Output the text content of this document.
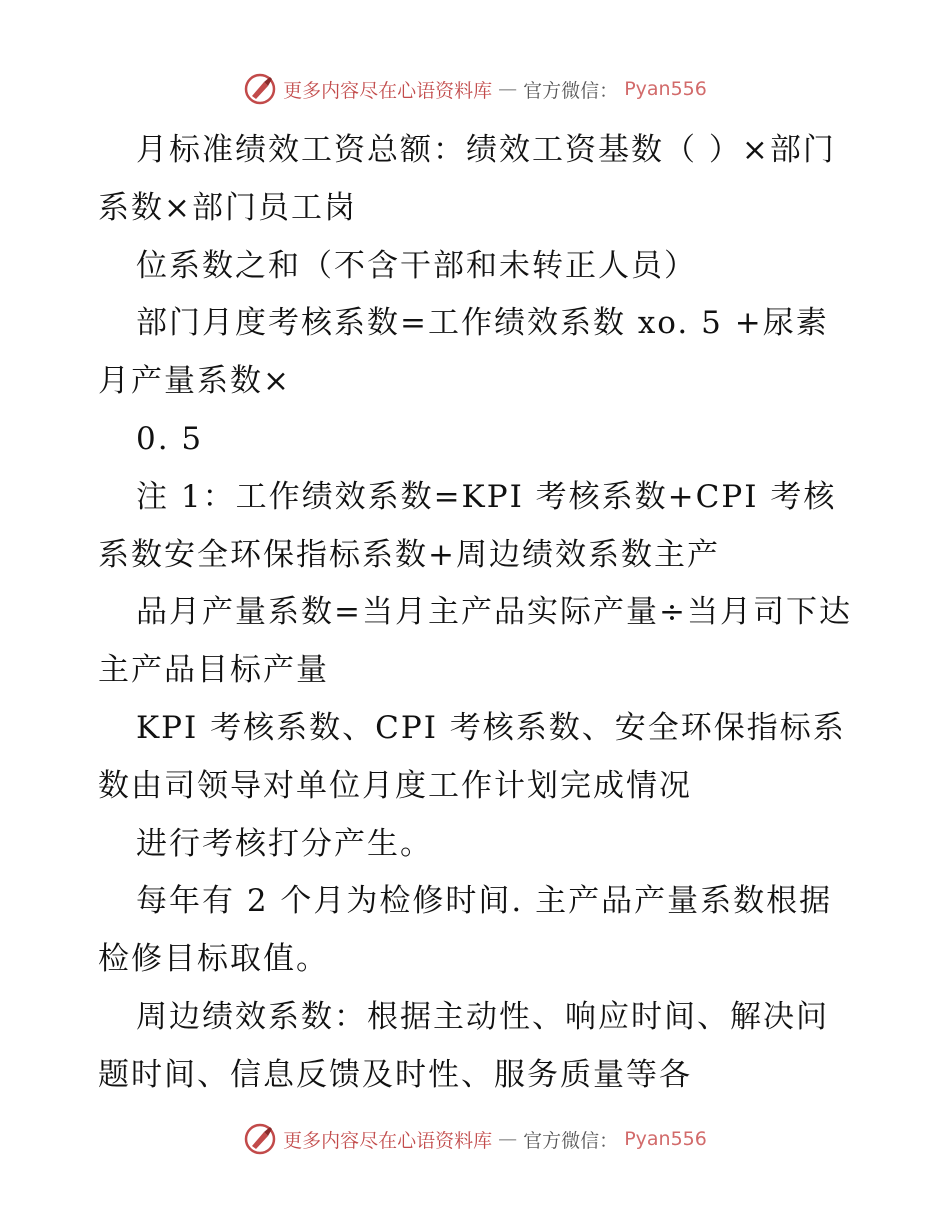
更多内容尽在心语资料库 — 官方微信： Pyan556

月标准绩效工资总额：绩效工资基数（ ）×部门系数×部门员工岗

位系数之和（不含干部和未转正人员）

部门月度考核系数=工作绩效系数 xo. 5 +尿素月产量系数×

0. 5

注 1：工作绩效系数=KPI 考核系数+CPI 考核系数安全环保指标系数+周边绩效系数主产

品月产量系数=当月主产品实际产量÷当月司下达主产品目标产量

KPI 考核系数、CPI 考核系数、安全环保指标系数由司领导对单位月度工作计划完成情况

进行考核打分产生。

每年有 2 个月为检修时间. 主产品产量系数根据检修目标取值。

周边绩效系数：根据主动性、响应时间、解决问题时间、信息反馈及时性、服务质量等各

更多内容尽在心语资料库 — 官方微信： Pyan556
